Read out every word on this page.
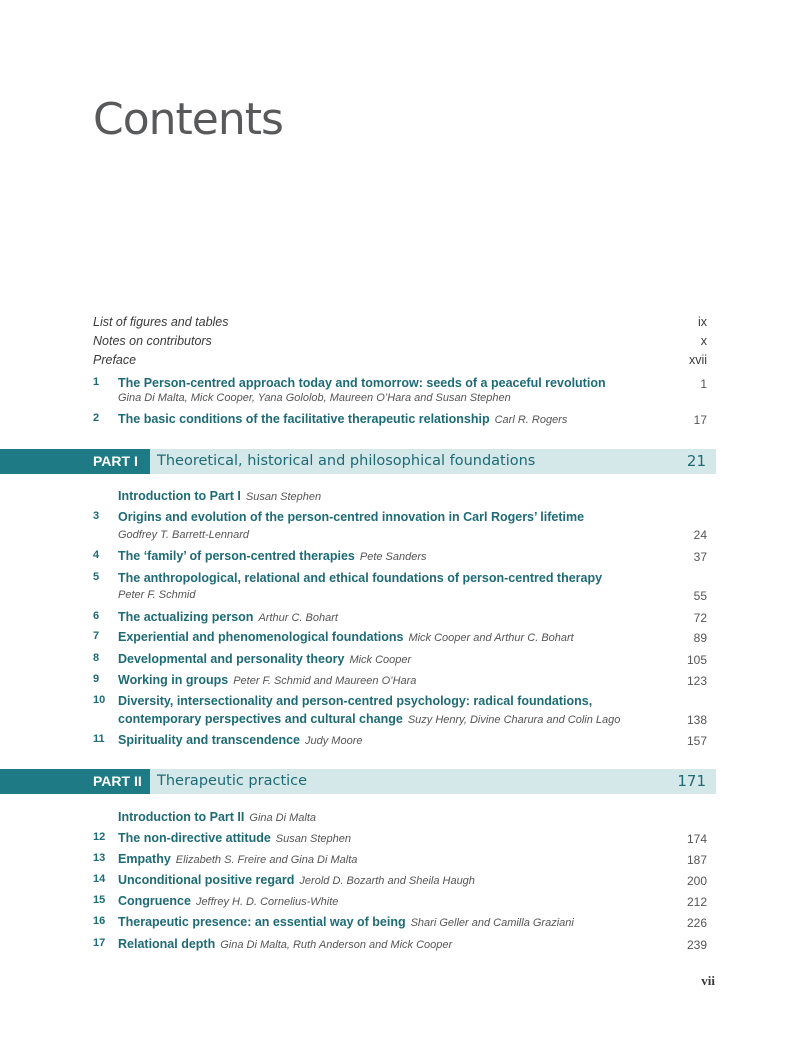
Contents
List of figures and tables	ix
Notes on contributors	x
Preface	xvii
1 The Person-centred approach today and tomorrow: seeds of a peaceful revolution	1
Gina Di Malta, Mick Cooper, Yana Gololob, Maureen O’Hara and Susan Stephen
2 The basic conditions of the facilitative therapeutic relationship Carl R. Rogers	17
PART I Theoretical, historical and philosophical foundations	21
Introduction to Part I Susan Stephen
3 Origins and evolution of the person-centred innovation in Carl Rogers’ lifetime
Godfrey T. Barrett-Lennard	24
4 The ‘family’ of person-centred therapies Pete Sanders	37
5 The anthropological, relational and ethical foundations of person-centred therapy
Peter F. Schmid	55
6 The actualizing person Arthur C. Bohart	72
7 Experiential and phenomenological foundations Mick Cooper and Arthur C. Bohart	89
8 Developmental and personality theory Mick Cooper	105
9 Working in groups Peter F. Schmid and Maureen O’Hara	123
10 Diversity, intersectionality and person-centred psychology: radical foundations,
contemporary perspectives and cultural change Suzy Henry, Divine Charura and Colin Lago	138
11 Spirituality and transcendence Judy Moore	157
PART II Therapeutic practice	171
Introduction to Part II Gina Di Malta
12 The non-directive attitude Susan Stephen	174
13 Empathy Elizabeth S. Freire and Gina Di Malta	187
14 Unconditional positive regard Jerold D. Bozarth and Sheila Haugh	200
15 Congruence Jeffrey H. D. Cornelius-White	212
16 Therapeutic presence: an essential way of being Shari Geller and Camilla Graziani	226
17 Relational depth Gina Di Malta, Ruth Anderson and Mick Cooper	239
vii
